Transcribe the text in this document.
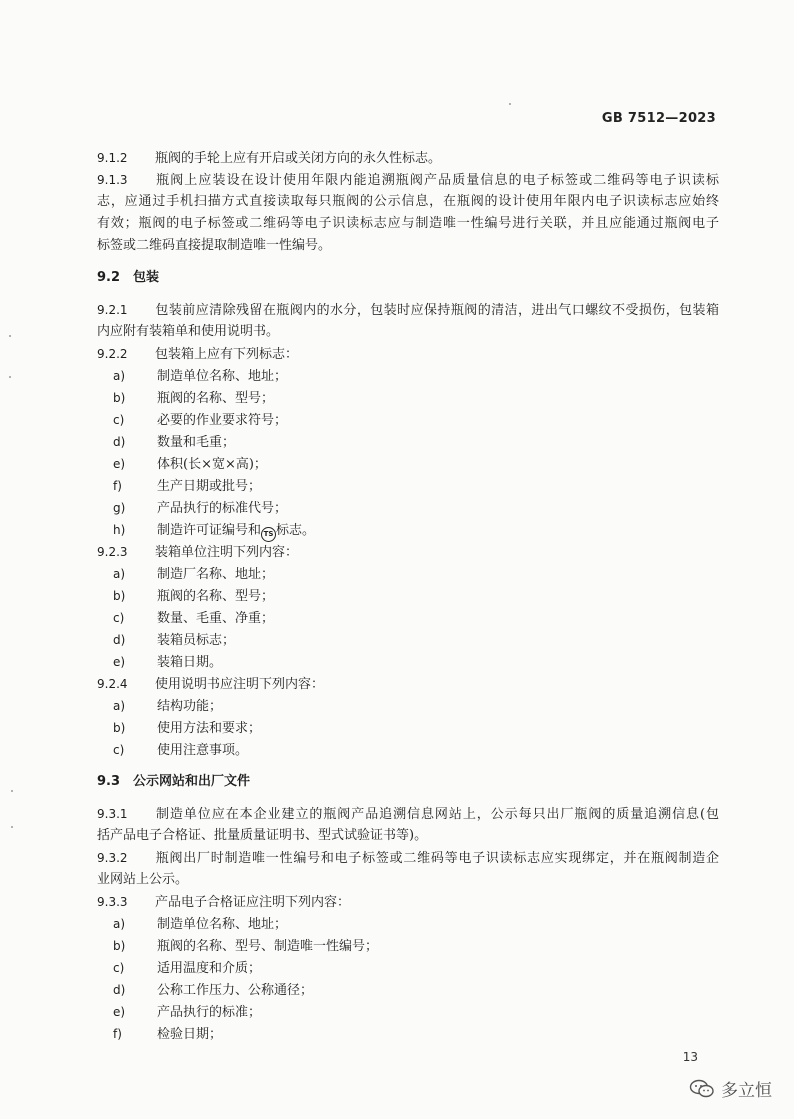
GB 7512—2023
9.1.2 瓶阀的手轮上应有开启或关闭方向的永久性标志。
9.1.3 瓶阀上应装设在设计使用年限内能追溯瓶阀产品质量信息的电子标签或二维码等电子识读标
志，应通过手机扫描方式直接读取每只瓶阀的公示信息，在瓶阀的设计使用年限内电子识读标志应始终
有效；瓶阀的电子标签或二维码等电子识读标志应与制造唯一性编号进行关联，并且应能通过瓶阀电子
标签或二维码直接提取制造唯一性编号。
9.2 包装
9.2.1 包装前应清除残留在瓶阀内的水分，包装时应保持瓶阀的清洁，进出气口螺纹不受损伤，包装箱
内应附有装箱单和使用说明书。
9.2.2 包装箱上应有下列标志：
a) 制造单位名称、地址；
b) 瓶阀的名称、型号；
c)	必要的作业要求符号；
d) 数量和毛重；
e) 体积(长×宽×高)；
f)	生产日期或批号；
g) 产品执行的标准代号；
h) 制造许可证编号和 TS 标志。
9.2.3 装箱单位注明下列内容：
a) 制造厂名称、地址；
b) 瓶阀的名称、型号；
c)	数量、毛重、净重；
d) 装箱员标志；
e) 装箱日期。
9.2.4 使用说明书应注明下列内容：
a) 结构功能；
b) 使用方法和要求；
c)	使用注意事项。
9.3 公示网站和出厂文件
9.3.1 制造单位应在本企业建立的瓶阀产品追溯信息网站上，公示每只出厂瓶阀的质量追溯信息(包
括产品电子合格证、批量质量证明书、型式试验证书等)。
9.3.2 瓶阀出厂时制造唯一性编号和电子标签或二维码等电子识读标志应实现绑定，并在瓶阀制造企
业网站上公示。
9.3.3 产品电子合格证应注明下列内容：
a) 制造单位名称、地址；
b) 瓶阀的名称、型号、制造唯一性编号；
c)	适用温度和介质；
d) 公称工作压力、公称通径；
e) 产品执行的标准；
f)	检验日期；
13
多立恒
